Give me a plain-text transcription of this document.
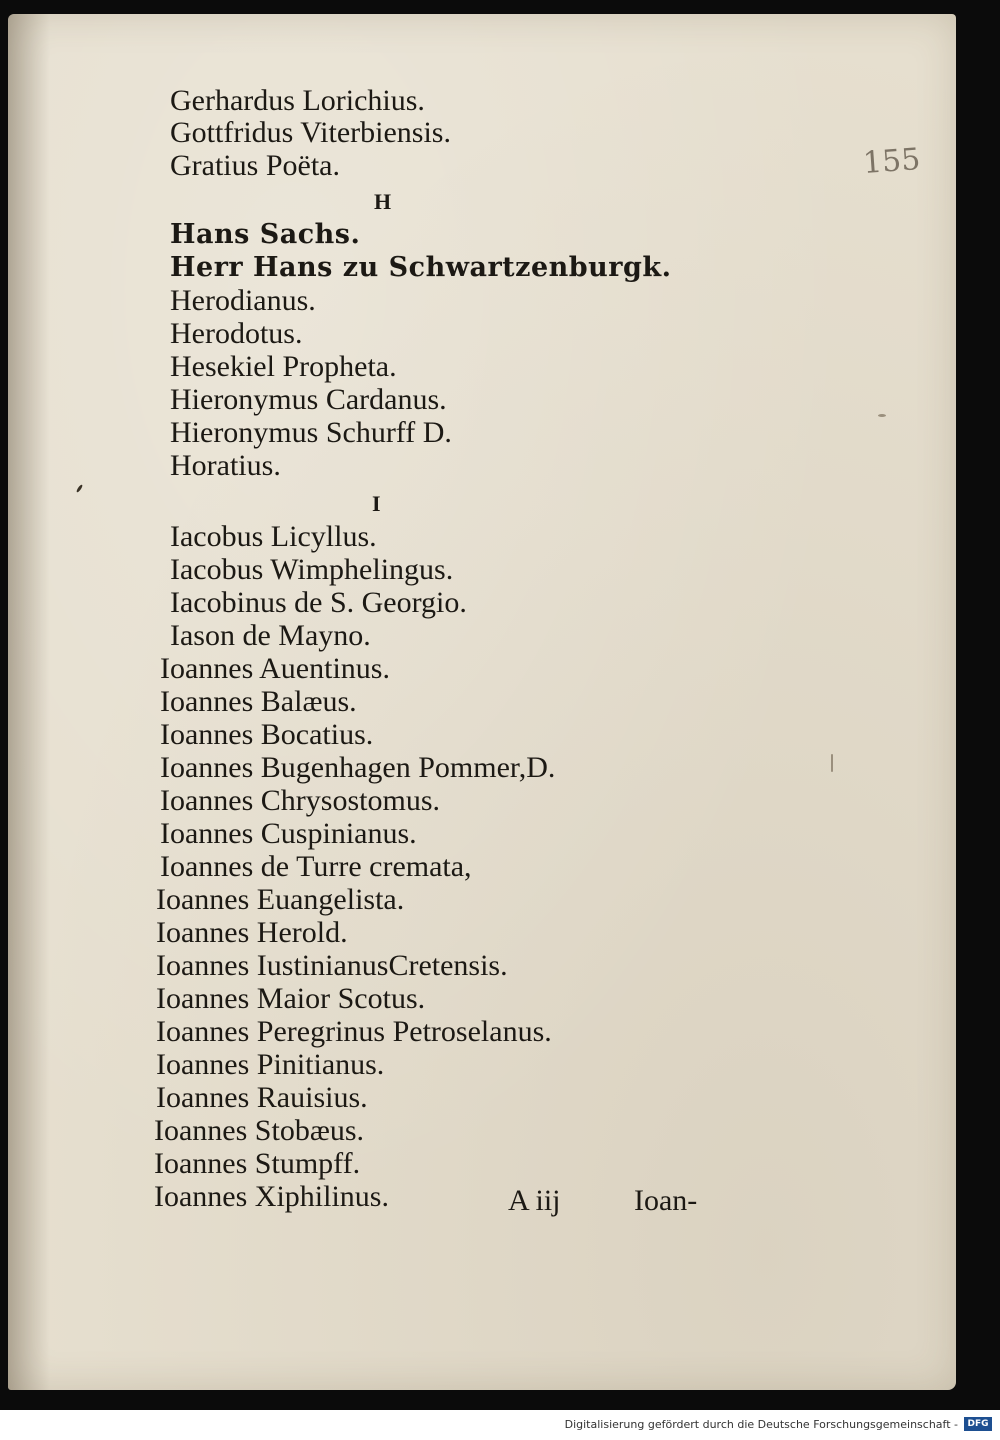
155
Gerhardus Lorichius.
Gottfridus Viterbiensis.
Gratius Poëta.
H
Hans Sachs.
Herr Hans zu Schwartzenburgk.
Herodianus.
Herodotus.
Hesekiel Propheta.
Hieronymus Cardanus.
Hieronymus Schurff D.
Horatius.
I
Iacobus Licyllus.
Iacobus Wimphelingus.
Iacobinus de S. Georgio.
Iason de Mayno.
Ioannes Auentinus.
Ioannes Balæus.
Ioannes Bocatius.
Ioannes Bugenhagen Pommer,D.
Ioannes Chrysostomus.
Ioannes Cuspinianus.
Ioannes de Turre cremata,
Ioannes Euangelista.
Ioannes Herold.
Ioannes IustinianusCretensis.
Ioannes Maior Scotus.
Ioannes Peregrinus Petroselanus.
Ioannes Pinitianus.
Ioannes Rauisius.
Ioannes Stobæus.
Ioannes Stumpff.
Ioannes Xiphilinus.	A iij Ioan-
Digitalisierung gefördert durch die Deutsche Forschungsgemeinschaft -	DFG
